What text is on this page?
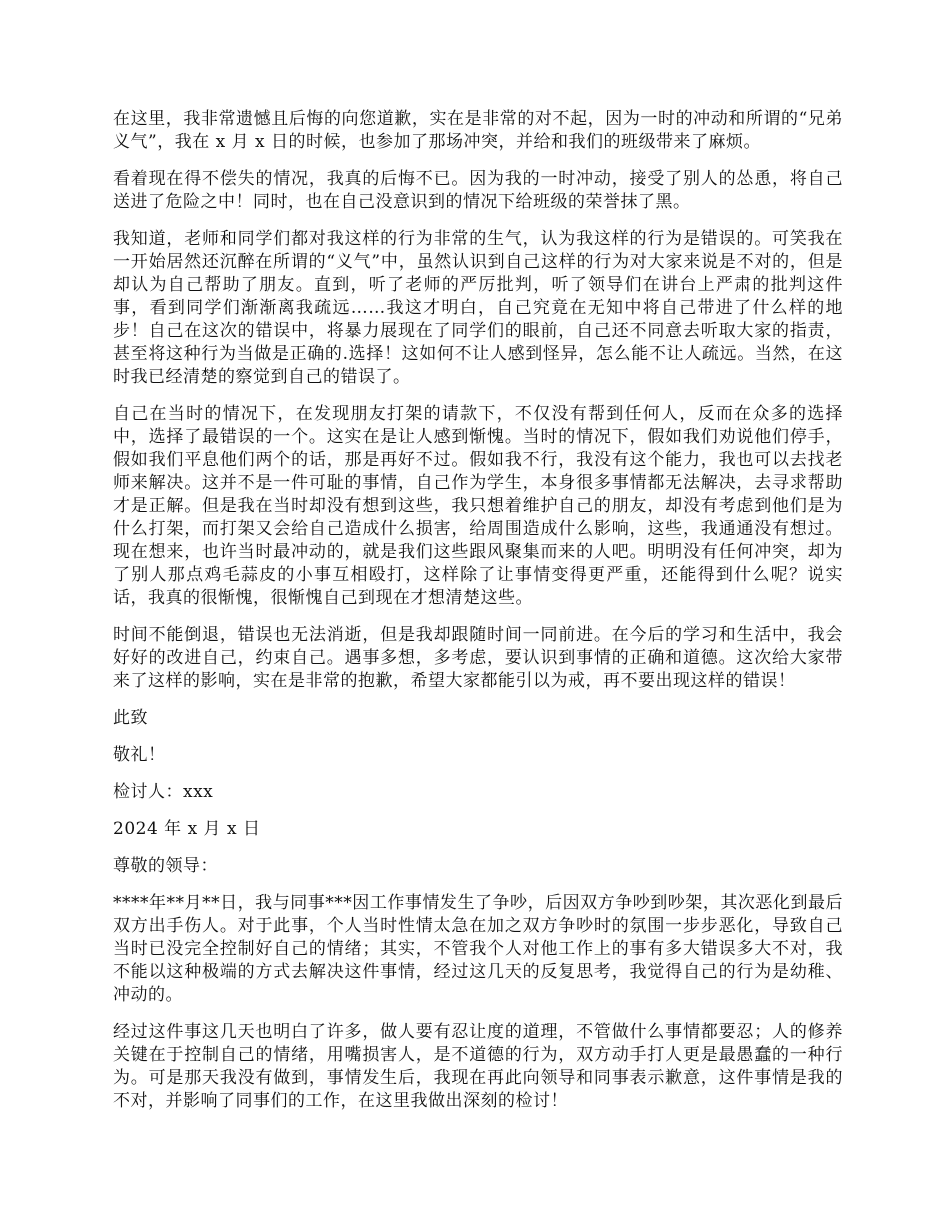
在这里，我非常遗憾且后悔的向您道歉，实在是非常的对不起，因为一时的冲动和所谓的“兄弟义气”，我在 x 月 x 日的时候，也参加了那场冲突，并给和我们的班级带来了麻烦。

看着现在得不偿失的情况，我真的后悔不已。因为我的一时冲动，接受了别人的怂恿，将自己送进了危险之中！同时，也在自己没意识到的情况下给班级的荣誉抹了黑。

我知道，老师和同学们都对我这样的行为非常的生气，认为我这样的行为是错误的。可笑我在一开始居然还沉醉在所谓的“义气”中，虽然认识到自己这样的行为对大家来说是不对的，但是却认为自己帮助了朋友。直到，听了老师的严厉批判，听了领导们在讲台上严肃的批判这件事，看到同学们渐渐离我疏远……我这才明白，自己究竟在无知中将自己带进了什么样的地步！自己在这次的错误中，将暴力展现在了同学们的眼前，自己还不同意去听取大家的指责，甚至将这种行为当做是正确的.选择！这如何不让人感到怪异，怎么能不让人疏远。当然，在这时我已经清楚的察觉到自己的错误了。

自己在当时的情况下，在发现朋友打架的请款下，不仅没有帮到任何人，反而在众多的选择中，选择了最错误的一个。这实在是让人感到惭愧。当时的情况下，假如我们劝说他们停手，假如我们平息他们两个的话，那是再好不过。假如我不行，我没有这个能力，我也可以去找老师来解决。这并不是一件可耻的事情，自己作为学生，本身很多事情都无法解决，去寻求帮助才是正解。但是我在当时却没有想到这些，我只想着维护自己的朋友，却没有考虑到他们是为什么打架，而打架又会给自己造成什么损害，给周围造成什么影响，这些，我通通没有想过。现在想来，也许当时最冲动的，就是我们这些跟风聚集而来的人吧。明明没有任何冲突，却为了别人那点鸡毛蒜皮的小事互相殴打，这样除了让事情变得更严重，还能得到什么呢？说实话，我真的很惭愧，很惭愧自己到现在才想清楚这些。

时间不能倒退，错误也无法消逝，但是我却跟随时间一同前进。在今后的学习和生活中，我会好好的改进自己，约束自己。遇事多想，多考虑，要认识到事情的正确和道德。这次给大家带来了这样的影响，实在是非常的抱歉，希望大家都能引以为戒，再不要出现这样的错误！

此致

敬礼！

检讨人：xxx

2024 年 x 月 x 日

尊敬的领导：

****年**月**日，我与同事***因工作事情发生了争吵，后因双方争吵到吵架，其次恶化到最后双方出手伤人。对于此事，个人当时性情太急在加之双方争吵时的氛围一步步恶化，导致自己当时已没完全控制好自己的情绪；其实，不管我个人对他工作上的事有多大错误多大不对，我不能以这种极端的方式去解决这件事情，经过这几天的反复思考，我觉得自己的行为是幼稚、冲动的。

经过这件事这几天也明白了许多，做人要有忍让度的道理，不管做什么事情都要忍；人的修养关键在于控制自己的情绪，用嘴损害人，是不道德的行为，双方动手打人更是最愚蠢的一种行为。可是那天我没有做到，事情发生后，我现在再此向领导和同事表示歉意，这件事情是我的不对，并影响了同事们的工作，在这里我做出深刻的检讨！
